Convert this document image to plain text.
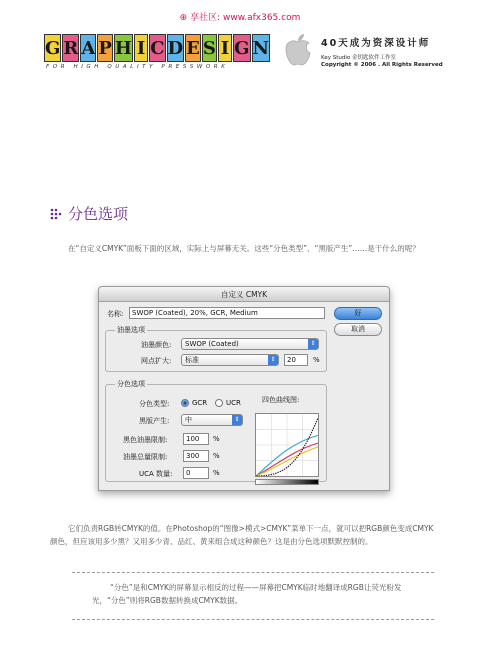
⊕ 享社区: www.afx365.com
G R A P H I C D E S I G N
FOR HIGH QUALITY PRESSWORK
40天成为资深设计师
Key Studio 金钥匙软件工作室
Copyright © 2006 . All Rights Reserved
分色选项

在“自定义CMYK”面板下面的区域，实际上与屏幕无关。这些“分色类型”、“黑版产生”……是干什么的呢？

自定义 CMYK
名称:	SWOP (Coated), 20%, GCR, Medium	好
取消
油墨选项
油墨颜色:	SWOP (Coated)	⇕
网点扩大:	标准	⇕	20	%
分色选项
分色类型:	GCR	UCR	四色曲线图:
黑版产生:	中	⇕
黑色油墨限制:	100	%
油墨总量限制:	300	%
UCA 数量:	0	%

它们负责RGB转CMYK的值。在Photoshop的“图像>模式>CMYK”菜单下一点，就可以把RGB颜色变成CMYK颜色，但应该用多少黑？又用多少青、品红、黄来组合成这种颜色？这是由分色选项默默控制的。

“分色”是和CMYK的屏幕显示相反的过程——屏幕把CMYK临时地翻译成RGB让荧光粉发光，“分色”则将RGB数据转换成CMYK数据。
